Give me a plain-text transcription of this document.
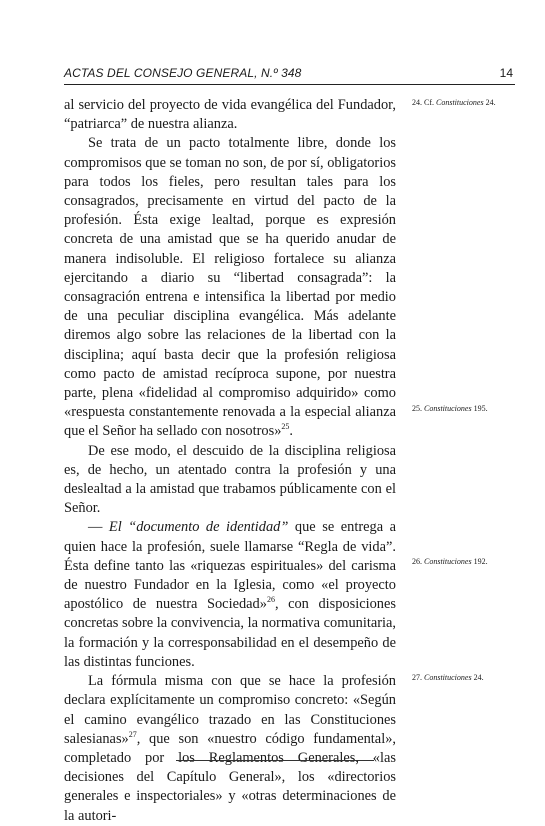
ACTAS DEL CONSEJO GENERAL, N.º 348	14

al servicio del proyecto de vida evangélica del Fundador, “patriarca” de nuestra alianza.

Se trata de un pacto totalmente libre, donde los compromisos que se toman no son, de por sí, obligatorios para todos los fieles, pero resultan tales para los consagrados, precisamente en virtud del pacto de la profesión. Ésta exige lealtad, porque es expresión concreta de una amistad que se ha querido anudar de manera indisoluble. El religioso fortalece su alianza ejercitando a diario su “libertad consagrada”: la consagración entrena e intensifica la libertad por medio de una peculiar disciplina evangélica. Más adelante diremos algo sobre las relaciones de la libertad con la disciplina; aquí basta decir que la profesión religiosa como pacto de amistad recíproca supone, por nuestra parte, plena «fidelidad al compromiso adquirido» como «respuesta constantemente renovada a la especial alianza que el Señor ha sellado con nosotros»$^{25}$.

De ese modo, el descuido de la disciplina religiosa es, de hecho, un atentado contra la profesión y una deslealtad a la amistad que trabamos públicamente con el Señor.

— El “documento de identidad” que se entrega a quien hace la profesión, suele llamarse “Regla de vida”. Ésta define tanto las «riquezas espirituales» del carisma de nuestro Fundador en la Iglesia, como «el proyecto apostólico de nuestra Sociedad»$^{26}$, con disposiciones concretas sobre la convivencia, la normativa comunitaria, la formación y la corresponsabilidad en el desempeño de las distintas funciones.

La fórmula misma con que se hace la profesión declara explícitamente un compromiso concreto: «Según el camino evangélico trazado en las Constituciones salesianas»$^{27}$, que son «nuestro código fundamental», completado por los Reglamentos Generales, «las decisiones del Capítulo General», los «directorios generales e inspectoriales» y «otras determinaciones de la autori-

24. Cf. Constituciones 24.
25. Constituciones 195.
26. Constituciones 192.
27. Constituciones 24.
